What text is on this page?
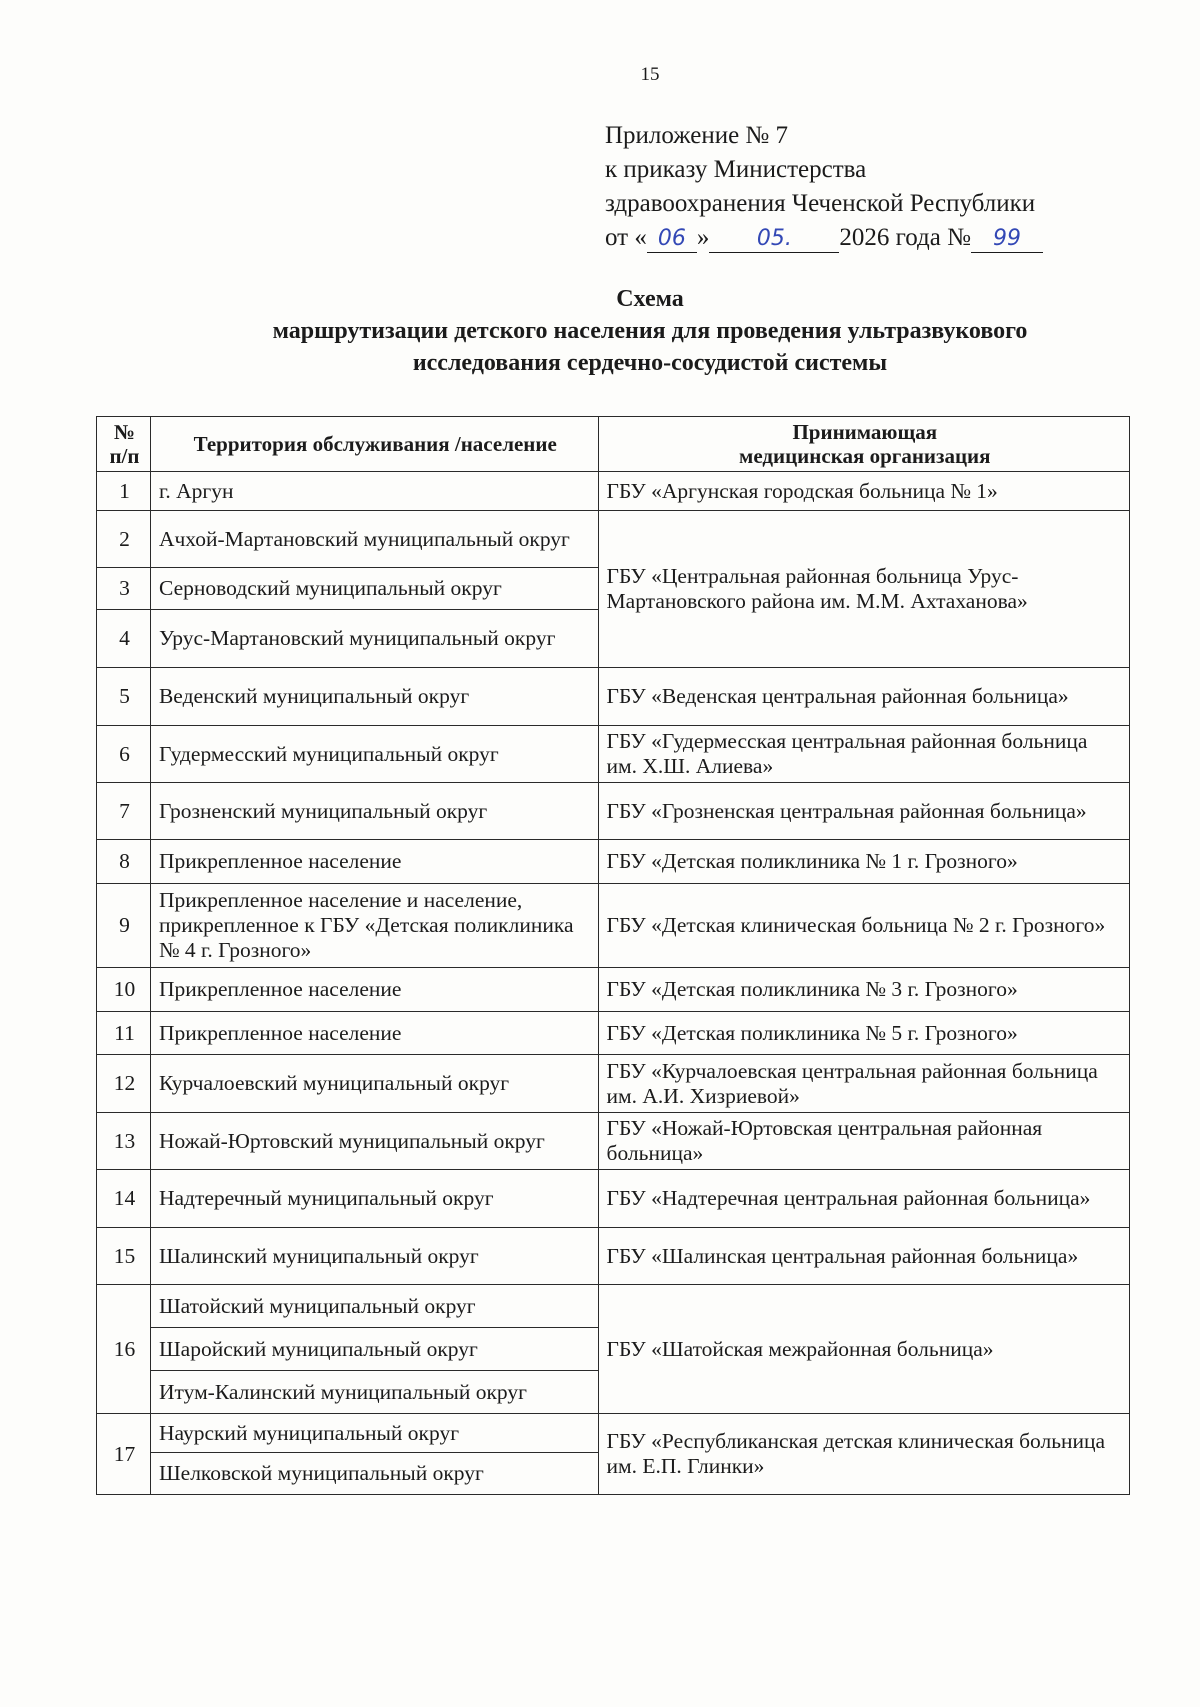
15
Приложение № 7
к приказу Министерства
здравоохранения Чеченской Республики
от « 06 » 05. 2026 года № 99
Схема
маршрутизации детского населения для проведения ультразвукового
исследования сердечно-сосудистой системы
№ п/п	Территория обслуживания /население	Принимающая
медицинская организация
1	г. Аргун	ГБУ «Аргунская городская больница № 1»
2	Ачхой-Мартановский муниципальный округ	ГБУ «Центральная районная больница Урус-Мартановского района им. М.М. Ахтаханова»
3	Серноводский муниципальный округ	
4	Урус-Мартановский муниципальный округ	
5	Веденский муниципальный округ	ГБУ «Веденская центральная районная больница»
6	Гудермесский муниципальный округ	ГБУ «Гудермесская центральная районная больница им. Х.Ш. Алиева»
7	Грозненский муниципальный округ	ГБУ «Грозненская центральная районная больница»
8	Прикрепленное население	ГБУ «Детская поликлиника № 1 г. Грозного»
9	Прикрепленное население и население, прикрепленное к ГБУ «Детская поликлиника № 4 г. Грозного»	ГБУ «Детская клиническая больница № 2 г. Грозного»
10	Прикрепленное население	ГБУ «Детская поликлиника № 3 г. Грозного»
11	Прикрепленное население	ГБУ «Детская поликлиника № 5 г. Грозного»
12	Курчалоевский муниципальный округ	ГБУ «Курчалоевская центральная районная больница им. А.И. Хизриевой»
13	Ножай-Юртовский муниципальный округ	ГБУ «Ножай-Юртовская центральная районная больница»
14	Надтеречный муниципальный округ	ГБУ «Надтеречная центральная районная больница»
15	Шалинский муниципальный округ	ГБУ «Шалинская центральная районная больница»
16	Шатойский муниципальный округ	ГБУ «Шатойская межрайонная больница»
	Шаройский муниципальный округ	
	Итум-Калинский муниципальный округ	
17	Наурский муниципальный округ	ГБУ «Республиканская детская клиническая больница им. Е.П. Глинки»
	Шелковской муниципальный округ	
